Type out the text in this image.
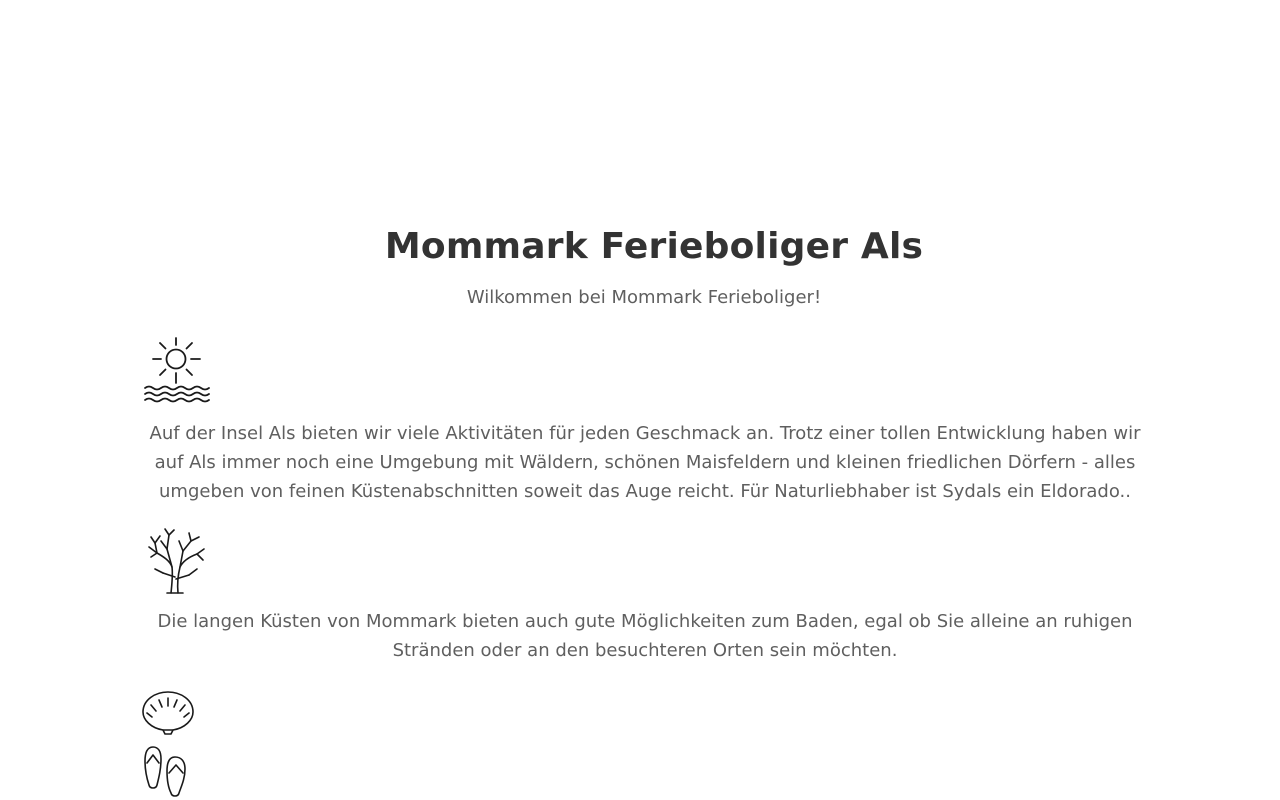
Mommark Ferieboliger Als

Wilkommen bei Mommark Ferieboliger!

Auf der Insel Als bieten wir viele Aktivitäten für jeden Geschmack an. Trotz einer tollen Entwicklung haben wir auf Als immer noch eine Umgebung mit Wäldern, schönen Maisfeldern und kleinen friedlichen Dörfern - alles umgeben von feinen Küstenabschnitten soweit das Auge reicht. Für Naturliebhaber ist Sydals ein Eldorado..

Die langen Küsten von Mommark bieten auch gute Möglichkeiten zum Baden, egal ob Sie alleine an ruhigen Stränden oder an den besuchteren Orten sein möchten.
